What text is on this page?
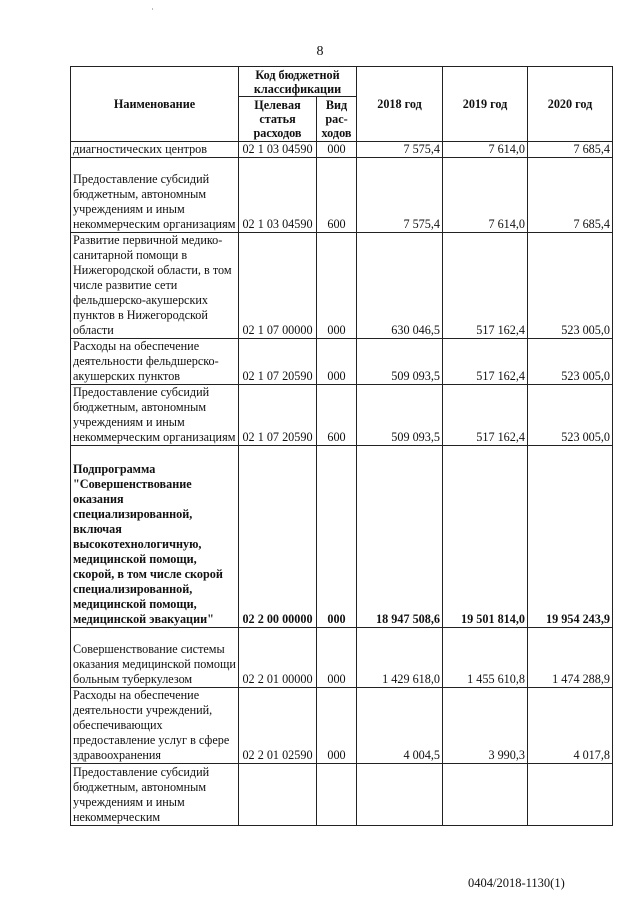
8
Наименование	Код бюджетной классификации		2018 год	2019 год	2020 год
	Целевая статья расходов	Вид рас-ходов			
диагностических центров	02 1 03 04590	000	7 575,4	7 614,0	7 685,4
Предоставление субсидий бюджетным, автономным учреждениям и иным некоммерческим организациям	02 1 03 04590	600	7 575,4	7 614,0	7 685,4
Развитие первичной медико-санитарной помощи в Нижегородской области, в том числе развитие сети фельдшерско-акушерских пунктов в Нижегородской области	02 1 07 00000	000	630 046,5	517 162,4	523 005,0
Расходы на обеспечение деятельности фельдшерско-акушерских пунктов	02 1 07 20590	000	509 093,5	517 162,4	523 005,0
Предоставление субсидий бюджетным, автономным учреждениям и иным некоммерческим организациям	02 1 07 20590	600	509 093,5	517 162,4	523 005,0
Подпрограмма "Совершенствование оказания специализированной, включая высокотехнологичную, медицинской помощи, скорой, в том числе скорой специализированной, медицинской помощи, медицинской эвакуации"	02 2 00 00000	000	18 947 508,6	19 501 814,0	19 954 243,9
Совершенствование системы оказания медицинской помощи больным туберкулезом	02 2 01 00000	000	1 429 618,0	1 455 610,8	1 474 288,9
Расходы на обеспечение деятельности учреждений, обеспечивающих предоставление услуг в сфере здравоохранения	02 2 01 02590	000	4 004,5	3 990,3	4 017,8
Предоставление субсидий бюджетным, автономным учреждениям и иным некоммерческим					
0404/2018-1130(1)
